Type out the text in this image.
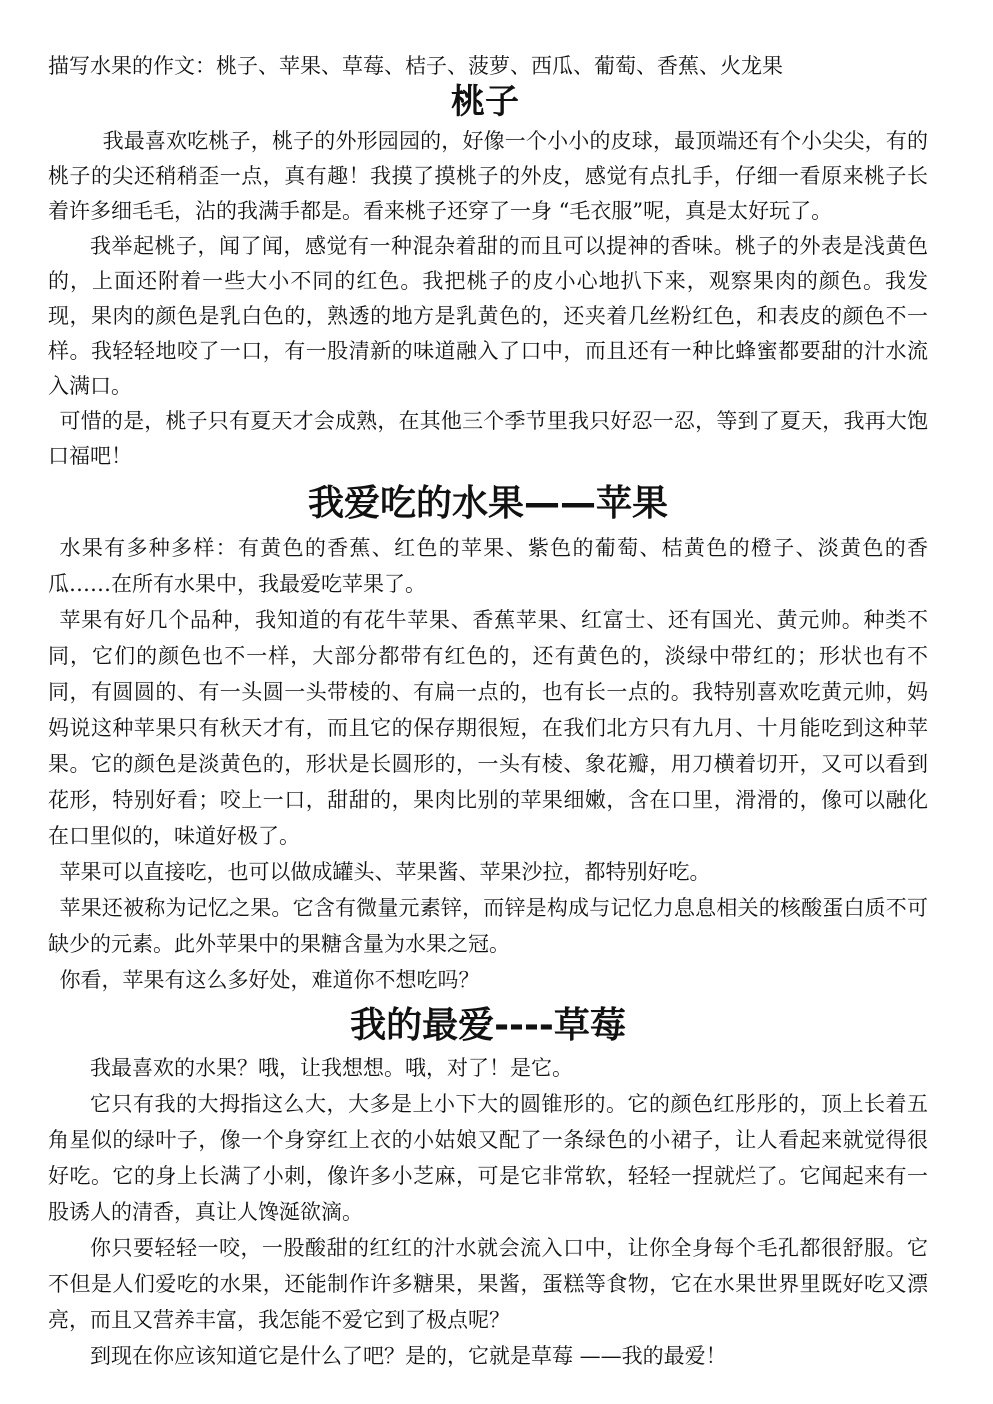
描写水果的作文：桃子、苹果、草莓、桔子、菠萝、西瓜、葡萄、香蕉、火龙果

桃子

我最喜欢吃桃子，桃子的外形园园的，好像一个小小的皮球，最顶端还有个小尖尖，有的桃子的尖还稍稍歪一点，真有趣！我摸了摸桃子的外皮，感觉有点扎手，仔细一看原来桃子长着许多细毛毛，沾的我满手都是。看来桃子还穿了一身 “毛衣服”呢，真是太好玩了。

我举起桃子，闻了闻，感觉有一种混杂着甜的而且可以提神的香味。桃子的外表是浅黄色的，上面还附着一些大小不同的红色。我把桃子的皮小心地扒下来，观察果肉的颜色。我发现，果肉的颜色是乳白色的，熟透的地方是乳黄色的，还夹着几丝粉红色，和表皮的颜色不一样。我轻轻地咬了一口，有一股清新的味道融入了口中，而且还有一种比蜂蜜都要甜的汁水流入满口。

可惜的是，桃子只有夏天才会成熟，在其他三个季节里我只好忍一忍，等到了夏天，我再大饱口福吧！

我爱吃的水果——苹果

水果有多种多样：有黄色的香蕉、红色的苹果、紫色的葡萄、桔黄色的橙子、淡黄色的香瓜……在所有水果中，我最爱吃苹果了。

苹果有好几个品种，我知道的有花牛苹果、香蕉苹果、红富士、还有国光、黄元帅。种类不同，它们的颜色也不一样，大部分都带有红色的，还有黄色的，淡绿中带红的；形状也有不同，有圆圆的、有一头圆一头带棱的、有扁一点的，也有长一点的。我特别喜欢吃黄元帅，妈妈说这种苹果只有秋天才有，而且它的保存期很短，在我们北方只有九月、十月能吃到这种苹果。它的颜色是淡黄色的，形状是长圆形的，一头有棱、象花瓣，用刀横着切开，又可以看到花形，特别好看；咬上一口，甜甜的，果肉比别的苹果细嫩，含在口里，滑滑的，像可以融化在口里似的，味道好极了。

苹果可以直接吃，也可以做成罐头、苹果酱、苹果沙拉，都特别好吃。

苹果还被称为记忆之果。它含有微量元素锌，而锌是构成与记忆力息息相关的核酸蛋白质不可缺少的元素。此外苹果中的果糖含量为水果之冠。

你看，苹果有这么多好处，难道你不想吃吗？

我的最爱----草莓

我最喜欢的水果？哦，让我想想。哦，对了！是它。

它只有我的大拇指这么大，大多是上小下大的圆锥形的。它的颜色红彤彤的，顶上长着五角星似的绿叶子，像一个身穿红上衣的小姑娘又配了一条绿色的小裙子，让人看起来就觉得很好吃。它的身上长满了小刺，像许多小芝麻，可是它非常软，轻轻一捏就烂了。它闻起来有一股诱人的清香，真让人馋涎欲滴。

你只要轻轻一咬，一股酸甜的红红的汁水就会流入口中，让你全身每个毛孔都很舒服。它不但是人们爱吃的水果，还能制作许多糖果，果酱，蛋糕等食物，它在水果世界里既好吃又漂亮，而且又营养丰富，我怎能不爱它到了极点呢？

到现在你应该知道它是什么了吧？是的，它就是草莓 ——我的最爱！
